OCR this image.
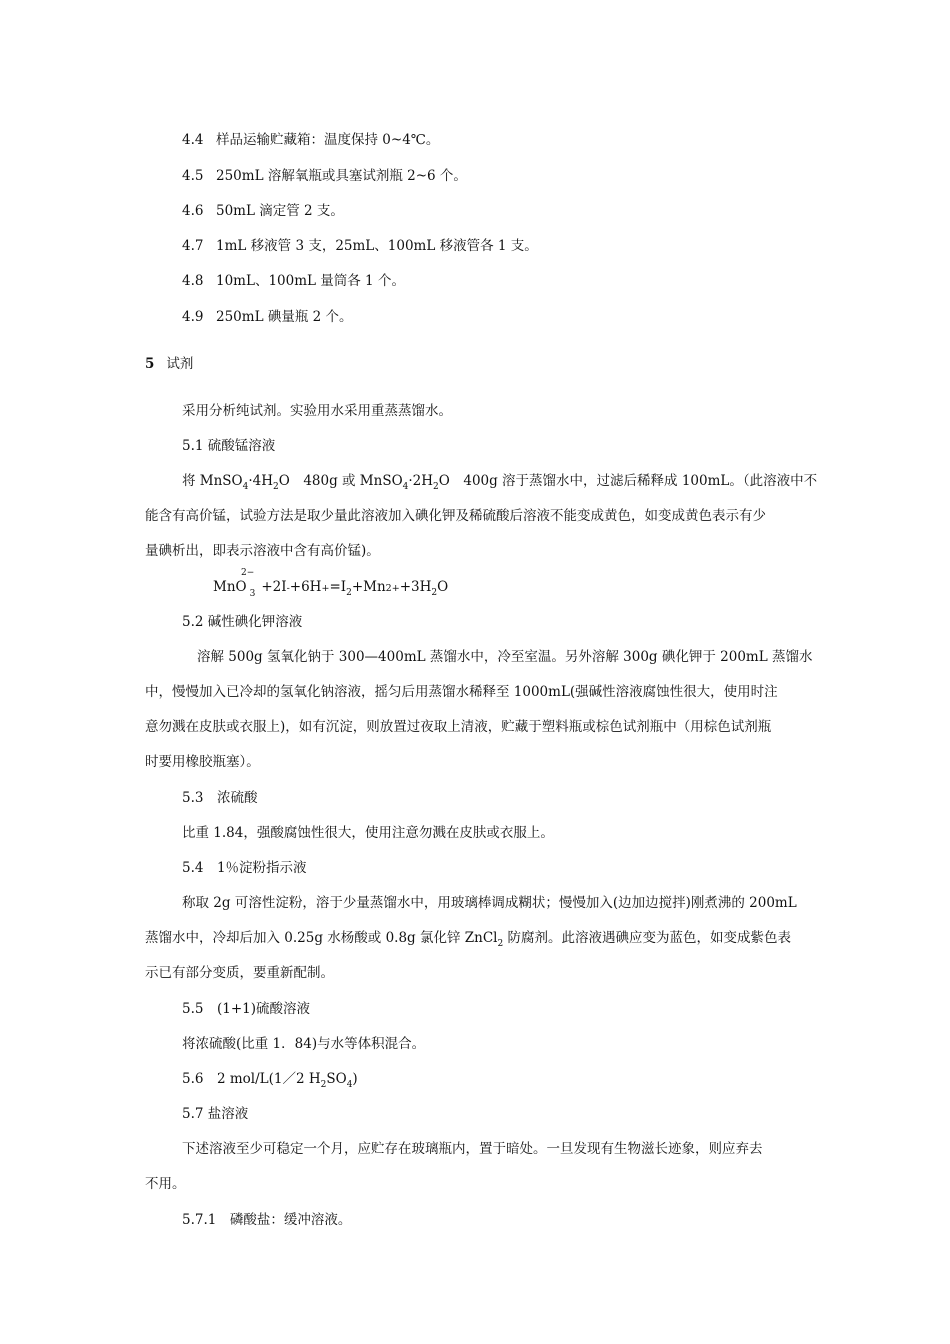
4.4 样品运输贮藏箱：温度保持 0~4℃。
4.5 250mL 溶解氧瓶或具塞试剂瓶 2~6 个。
4.6 50mL 滴定管 2 支。
4.7 1mL 移液管 3 支，25mL、100mL 移液管各 1 支。
4.8 10mL、100mL 量筒各 1 个。
4.9 250mL 碘量瓶 2 个。
5 试剂
采用分析纯试剂。实验用水采用重蒸蒸馏水。
5.1 硫酸锰溶液
将 $MnSO_4\cdot 4H_2O$　480g 或 $MnSO_4\cdot 2H_2O$　400g 溶于蒸馏水中，过滤后稀释成 100mL。（此溶液中不
能含有高价锰，试验方法是取少量此溶液加入碘化钾及稀硫酸后溶液不能变成黄色，如变成黄色表示有少
量碘析出，即表示溶液中含有高价锰)。
2−
MnO $_3 +2I-+6H+=I_2+Mn2++3H_2O$
5.2 碱性碘化钾溶液
溶解 500g 氢氧化钠于 300—400mL 蒸馏水中，冷至室温。另外溶解 300g 碘化钾于 200mL 蒸馏水
中，慢慢加入已冷却的氢氧化钠溶液，摇匀后用蒸馏水稀释至 1000mL(强碱性溶液腐蚀性很大，使用时注
意勿溅在皮肤或衣服上)，如有沉淀，则放置过夜取上清液，贮藏于塑料瓶或棕色试剂瓶中（用棕色试剂瓶
时要用橡胶瓶塞）。
5.3　浓硫酸
比重 1.84，强酸腐蚀性很大，使用注意勿溅在皮肤或衣服上。
5.4　1％淀粉指示液
称取 2g 可溶性淀粉，溶于少量蒸馏水中，用玻璃棒调成糊状；慢慢加入(边加边搅拌)刚煮沸的 200mL
蒸馏水中，冷却后加入 0.25g 水杨酸或 0.8g 氯化锌 ZnCl$_2$ 防腐剂。此溶液遇碘应变为蓝色，如变成紫色表
示已有部分变质，要重新配制。
5.5　(1+1)硫酸溶液
将浓硫酸(比重 1．84)与水等体积混合。
5.6　2 mol/L(1／2 $H_2SO_4$)
5.7 盐溶液
下述溶液至少可稳定一个月，应贮存在玻璃瓶内，置于暗处。一旦发现有生物滋长迹象，则应弃去
不用。
5.7.1　磷酸盐：缓冲溶液。
